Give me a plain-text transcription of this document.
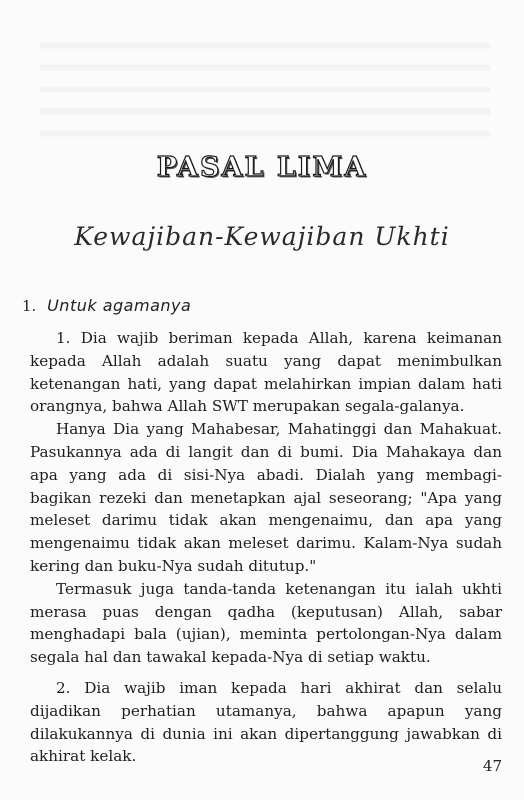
PASAL LIMA
Kewajiban-Kewajiban Ukhti
1. Untuk agamanya

1. Dia wajib beriman kepada Allah, karena keimanan kepada Allah adalah suatu yang dapat menimbulkan ketenangan hati, yang dapat melahirkan impian dalam hati orangnya, bahwa Allah SWT merupakan segala-galanya.

Hanya Dia yang Mahabesar, Mahatinggi dan Mahakuat. Pasukannya ada di langit dan di bumi. Dia Mahakaya dan apa yang ada di sisi-Nya abadi. Dialah yang membagi-bagikan rezeki dan menetapkan ajal seseorang; "Apa yang meleset darimu tidak akan mengenaimu, dan apa yang mengenaimu tidak akan meleset darimu. Kalam-Nya sudah kering dan buku-Nya sudah ditutup."

Termasuk juga tanda-tanda ketenangan itu ialah ukhti merasa puas dengan qadha (keputusan) Allah, sabar menghadapi bala (ujian), meminta pertolongan-Nya dalam segala hal dan tawakal kepada-Nya di setiap waktu.

2. Dia wajib iman kepada hari akhirat dan selalu dijadikan perhatian utamanya, bahwa apapun yang dilakukannya di dunia ini akan dipertanggung jawabkan di akhirat kelak.

47
